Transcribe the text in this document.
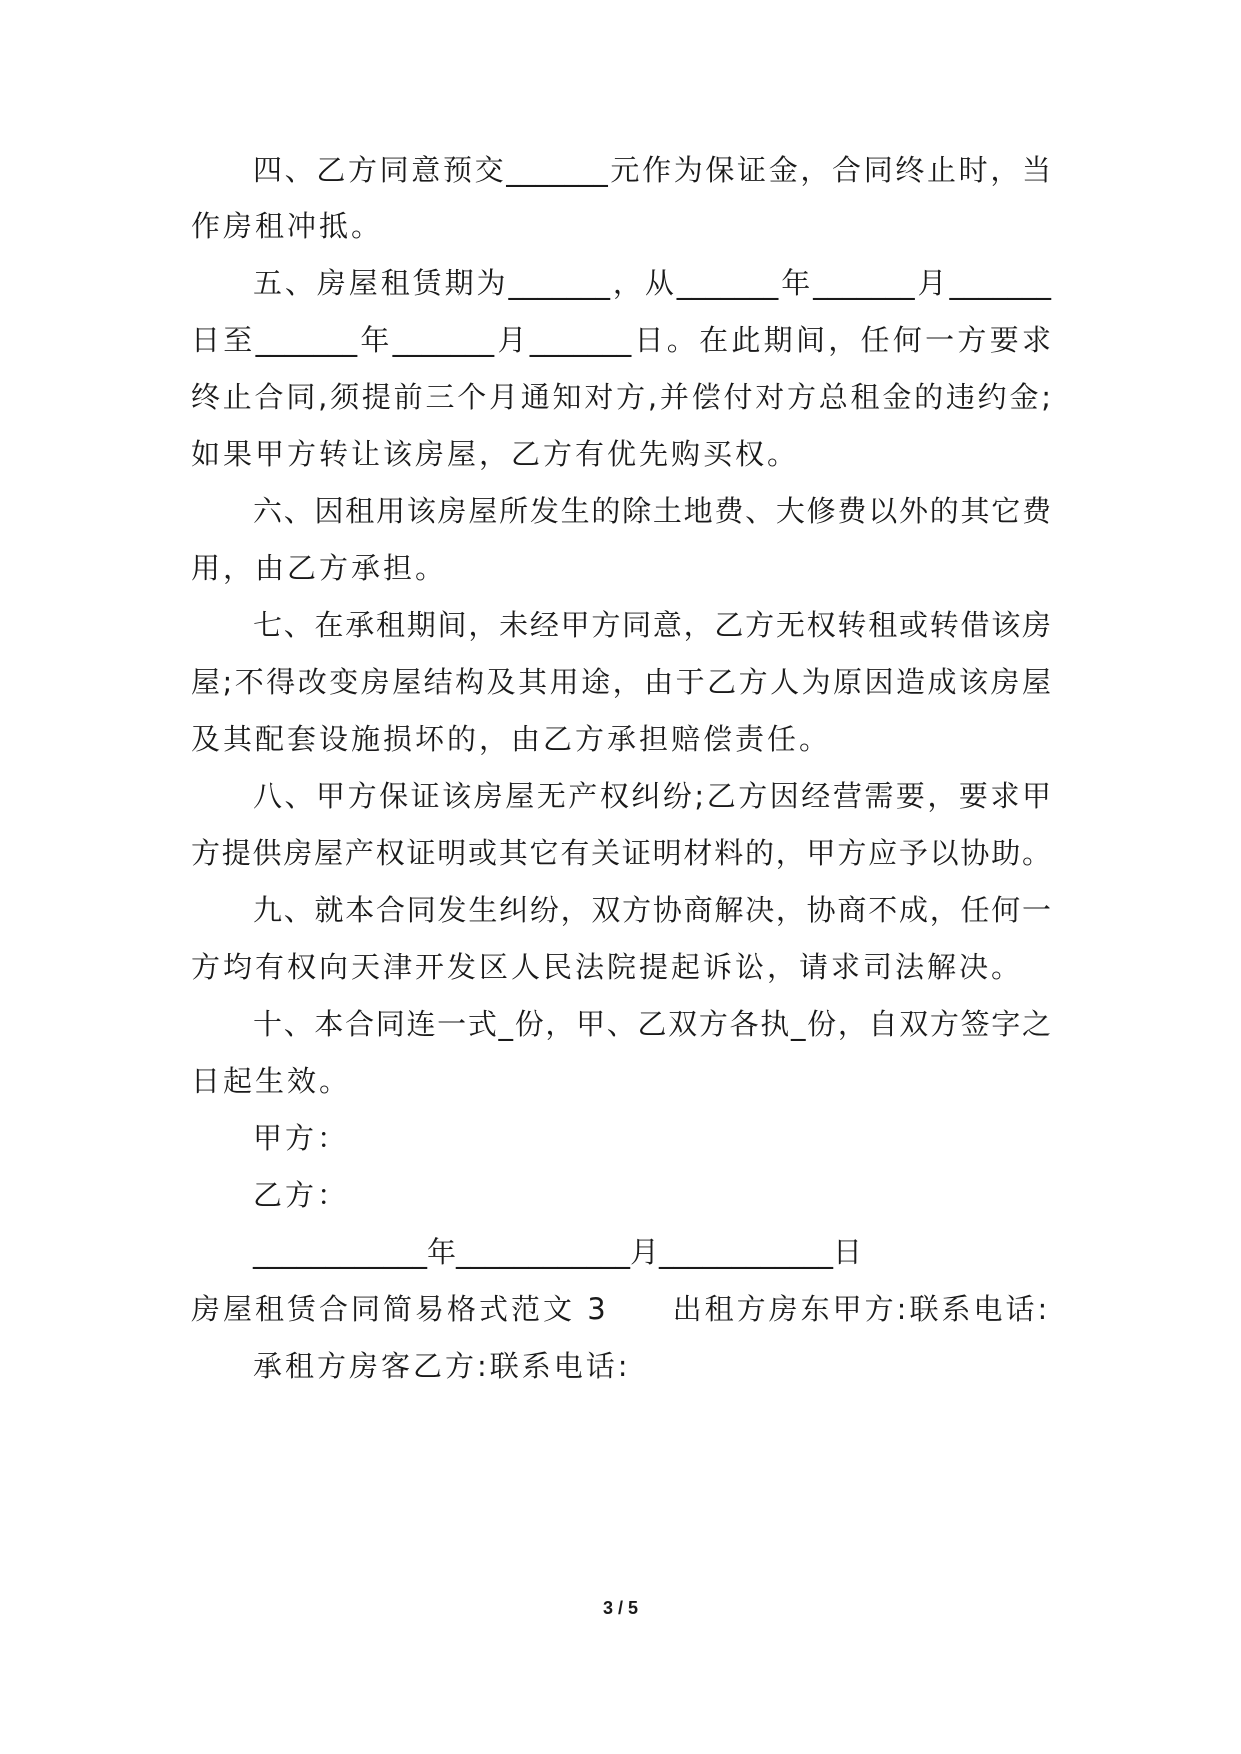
四、乙方同意预交_______元作为保证金，合同终止时，当
作房租冲抵。
五、房屋租赁期为_______，从_______年_______月_______
日至_______年_______月_______日。在此期间，任何一方要求
终止合同,须提前三个月通知对方,并偿付对方总租金的违约金;
如果甲方转让该房屋，乙方有优先购买权。
六、因租用该房屋所发生的除土地费、大修费以外的其它费
用，由乙方承担。
七、在承租期间，未经甲方同意，乙方无权转租或转借该房
屋;不得改变房屋结构及其用途，由于乙方人为原因造成该房屋
及其配套设施损坏的，由乙方承担赔偿责任。
八、甲方保证该房屋无产权纠纷;乙方因经营需要，要求甲
方提供房屋产权证明或其它有关证明材料的，甲方应予以协助。
九、就本合同发生纠纷，双方协商解决，协商不成，任何一
方均有权向天津开发区人民法院提起诉讼，请求司法解决。
十、本合同连一式_份，甲、乙双方各执_份，自双方签字之
日起生效。
甲方：
乙方：
____________年____________月____________日
房屋租赁合同简易格式范文 3　　出租方房东甲方:联系电话:
承租方房客乙方:联系电话:
3 / 5
